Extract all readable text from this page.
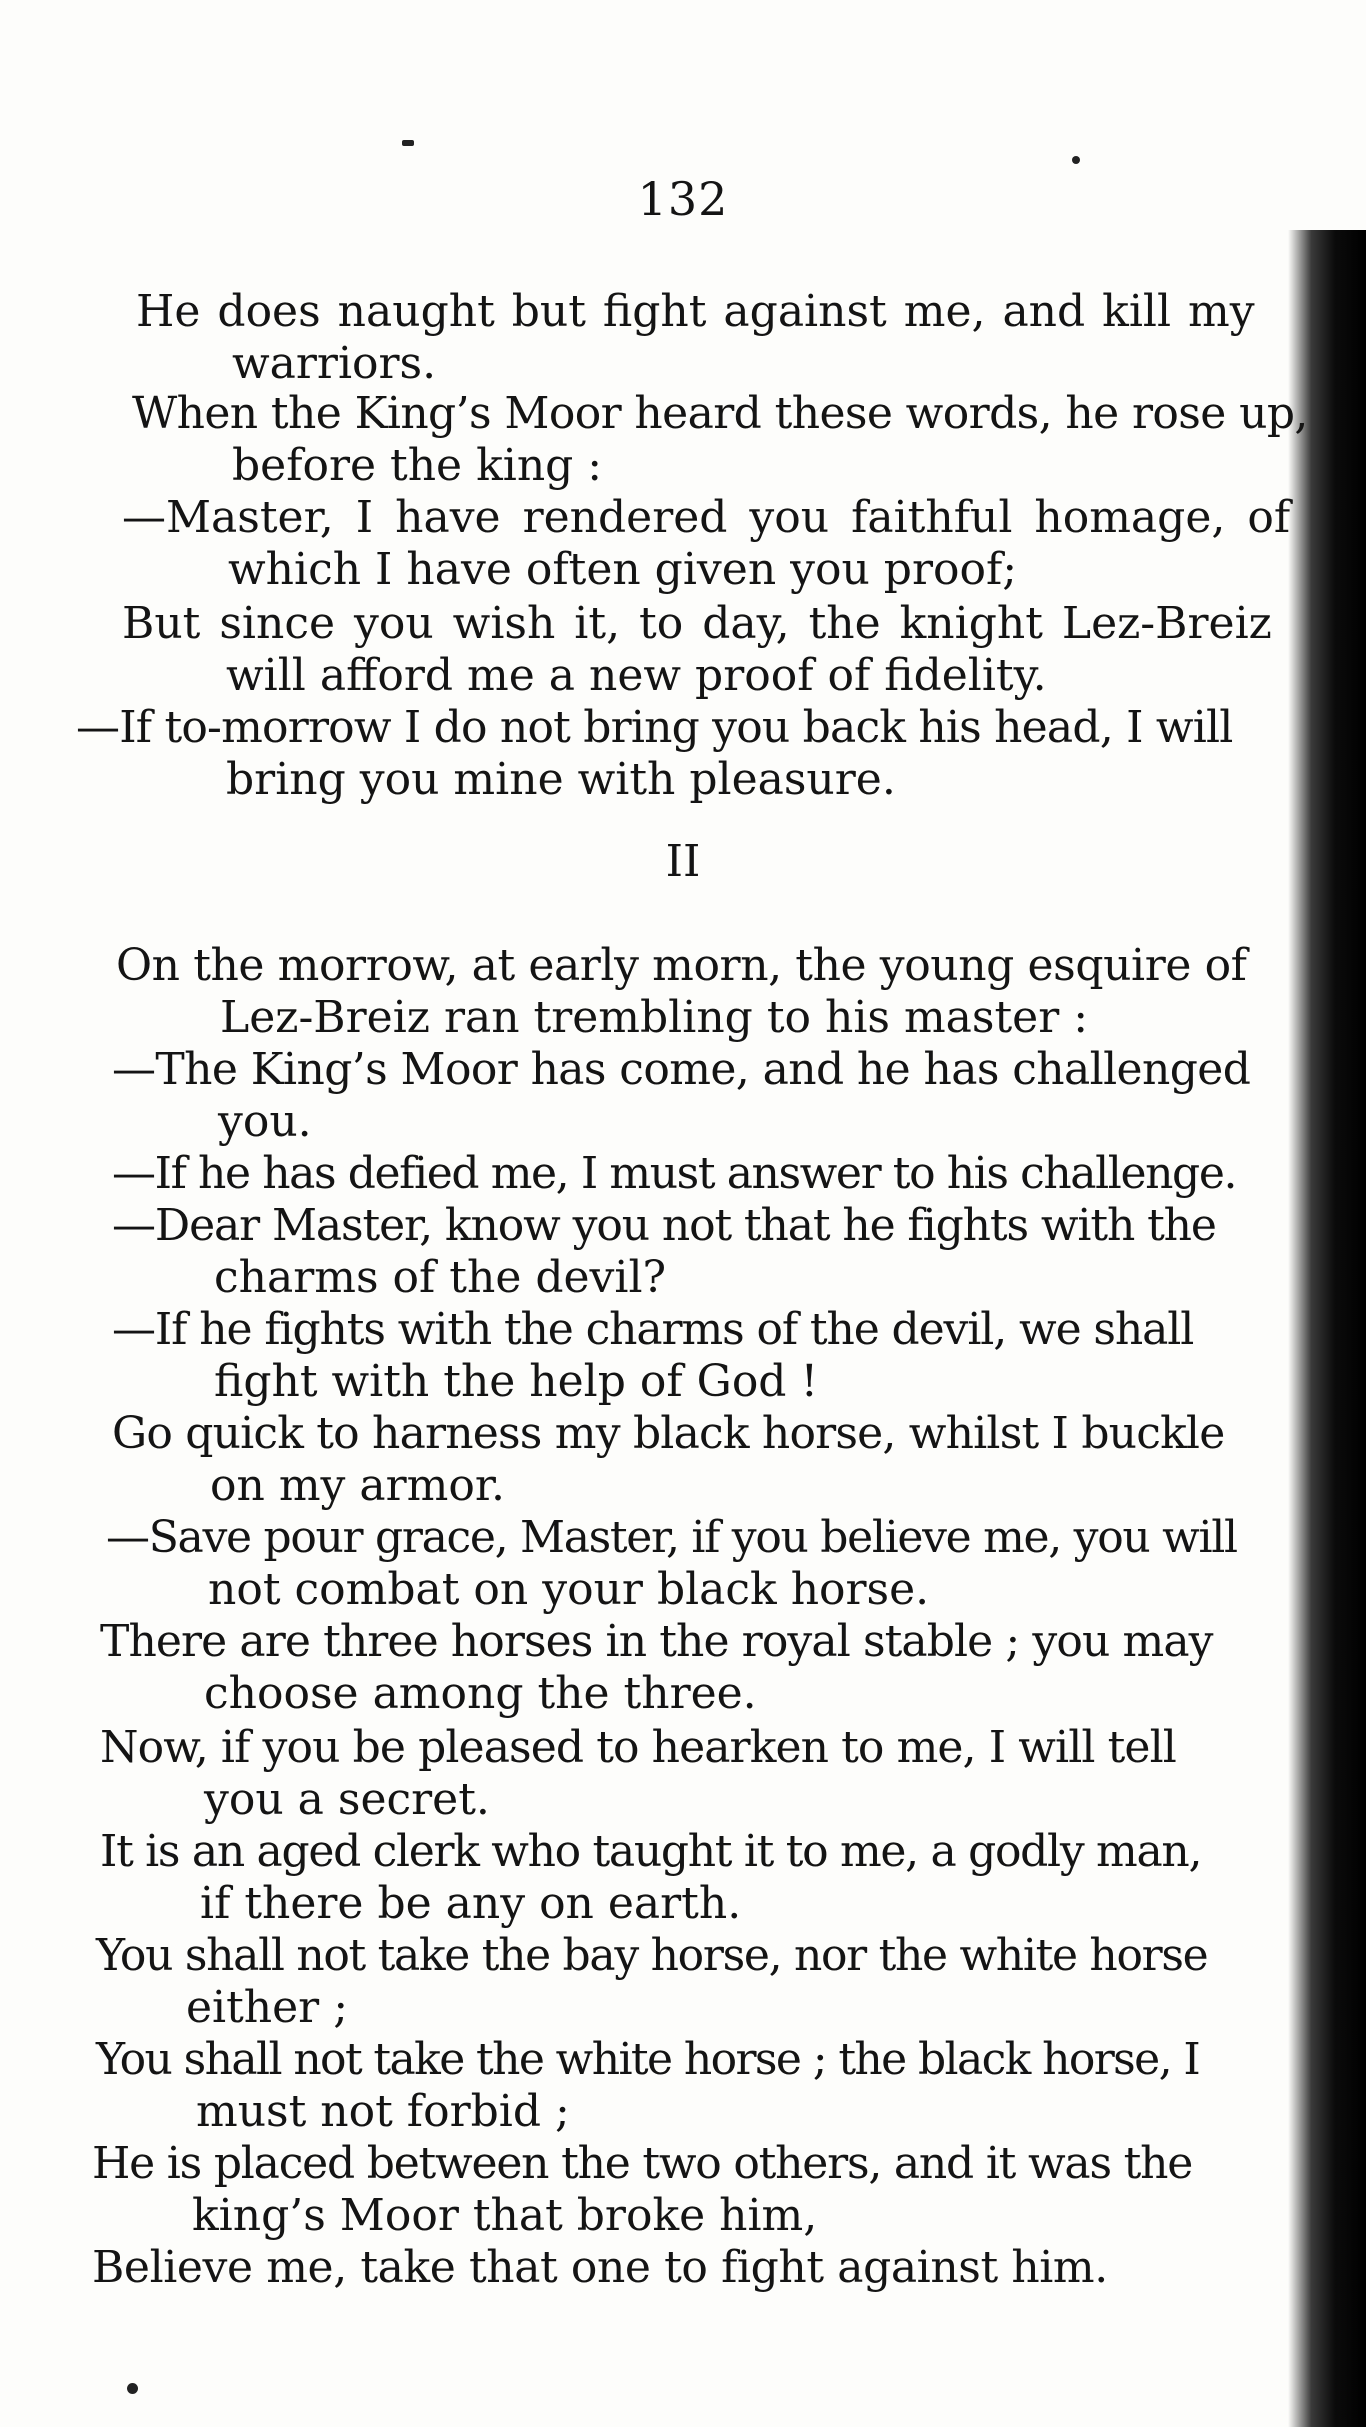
132
He does naught but fight against me, and kill my
warriors.
When the King’s Moor heard these words, he rose up,
before the king :
—Master, I have rendered you faithful homage, of
which I have often given you proof;
But since you wish it, to day, the knight Lez-Breiz
will afford me a new proof of fidelity.
—If to-morrow I do not bring you back his head, I will
bring you mine with pleasure.
II
On the morrow, at early morn, the young esquire of
Lez-Breiz ran trembling to his master :
—The King’s Moor has come, and he has challenged
you.
—If he has defied me, I must answer to his challenge.
—Dear Master, know you not that he fights with the
charms of the devil?
—If he fights with the charms of the devil, we shall
fight with the help of God !
Go quick to harness my black horse, whilst I buckle
on my armor.
—Save pour grace, Master, if you believe me, you will
not combat on your black horse.
There are three horses in the royal stable ; you may
choose among the three.
Now, if you be pleased to hearken to me, I will tell
you a secret.
It is an aged clerk who taught it to me, a godly man,
if there be any on earth.
You shall not take the bay horse, nor the white horse
either ;
You shall not take the white horse ; the black horse, I
must not forbid ;
He is placed between the two others, and it was the
king’s Moor that broke him,
Believe me, take that one to fight against him.
